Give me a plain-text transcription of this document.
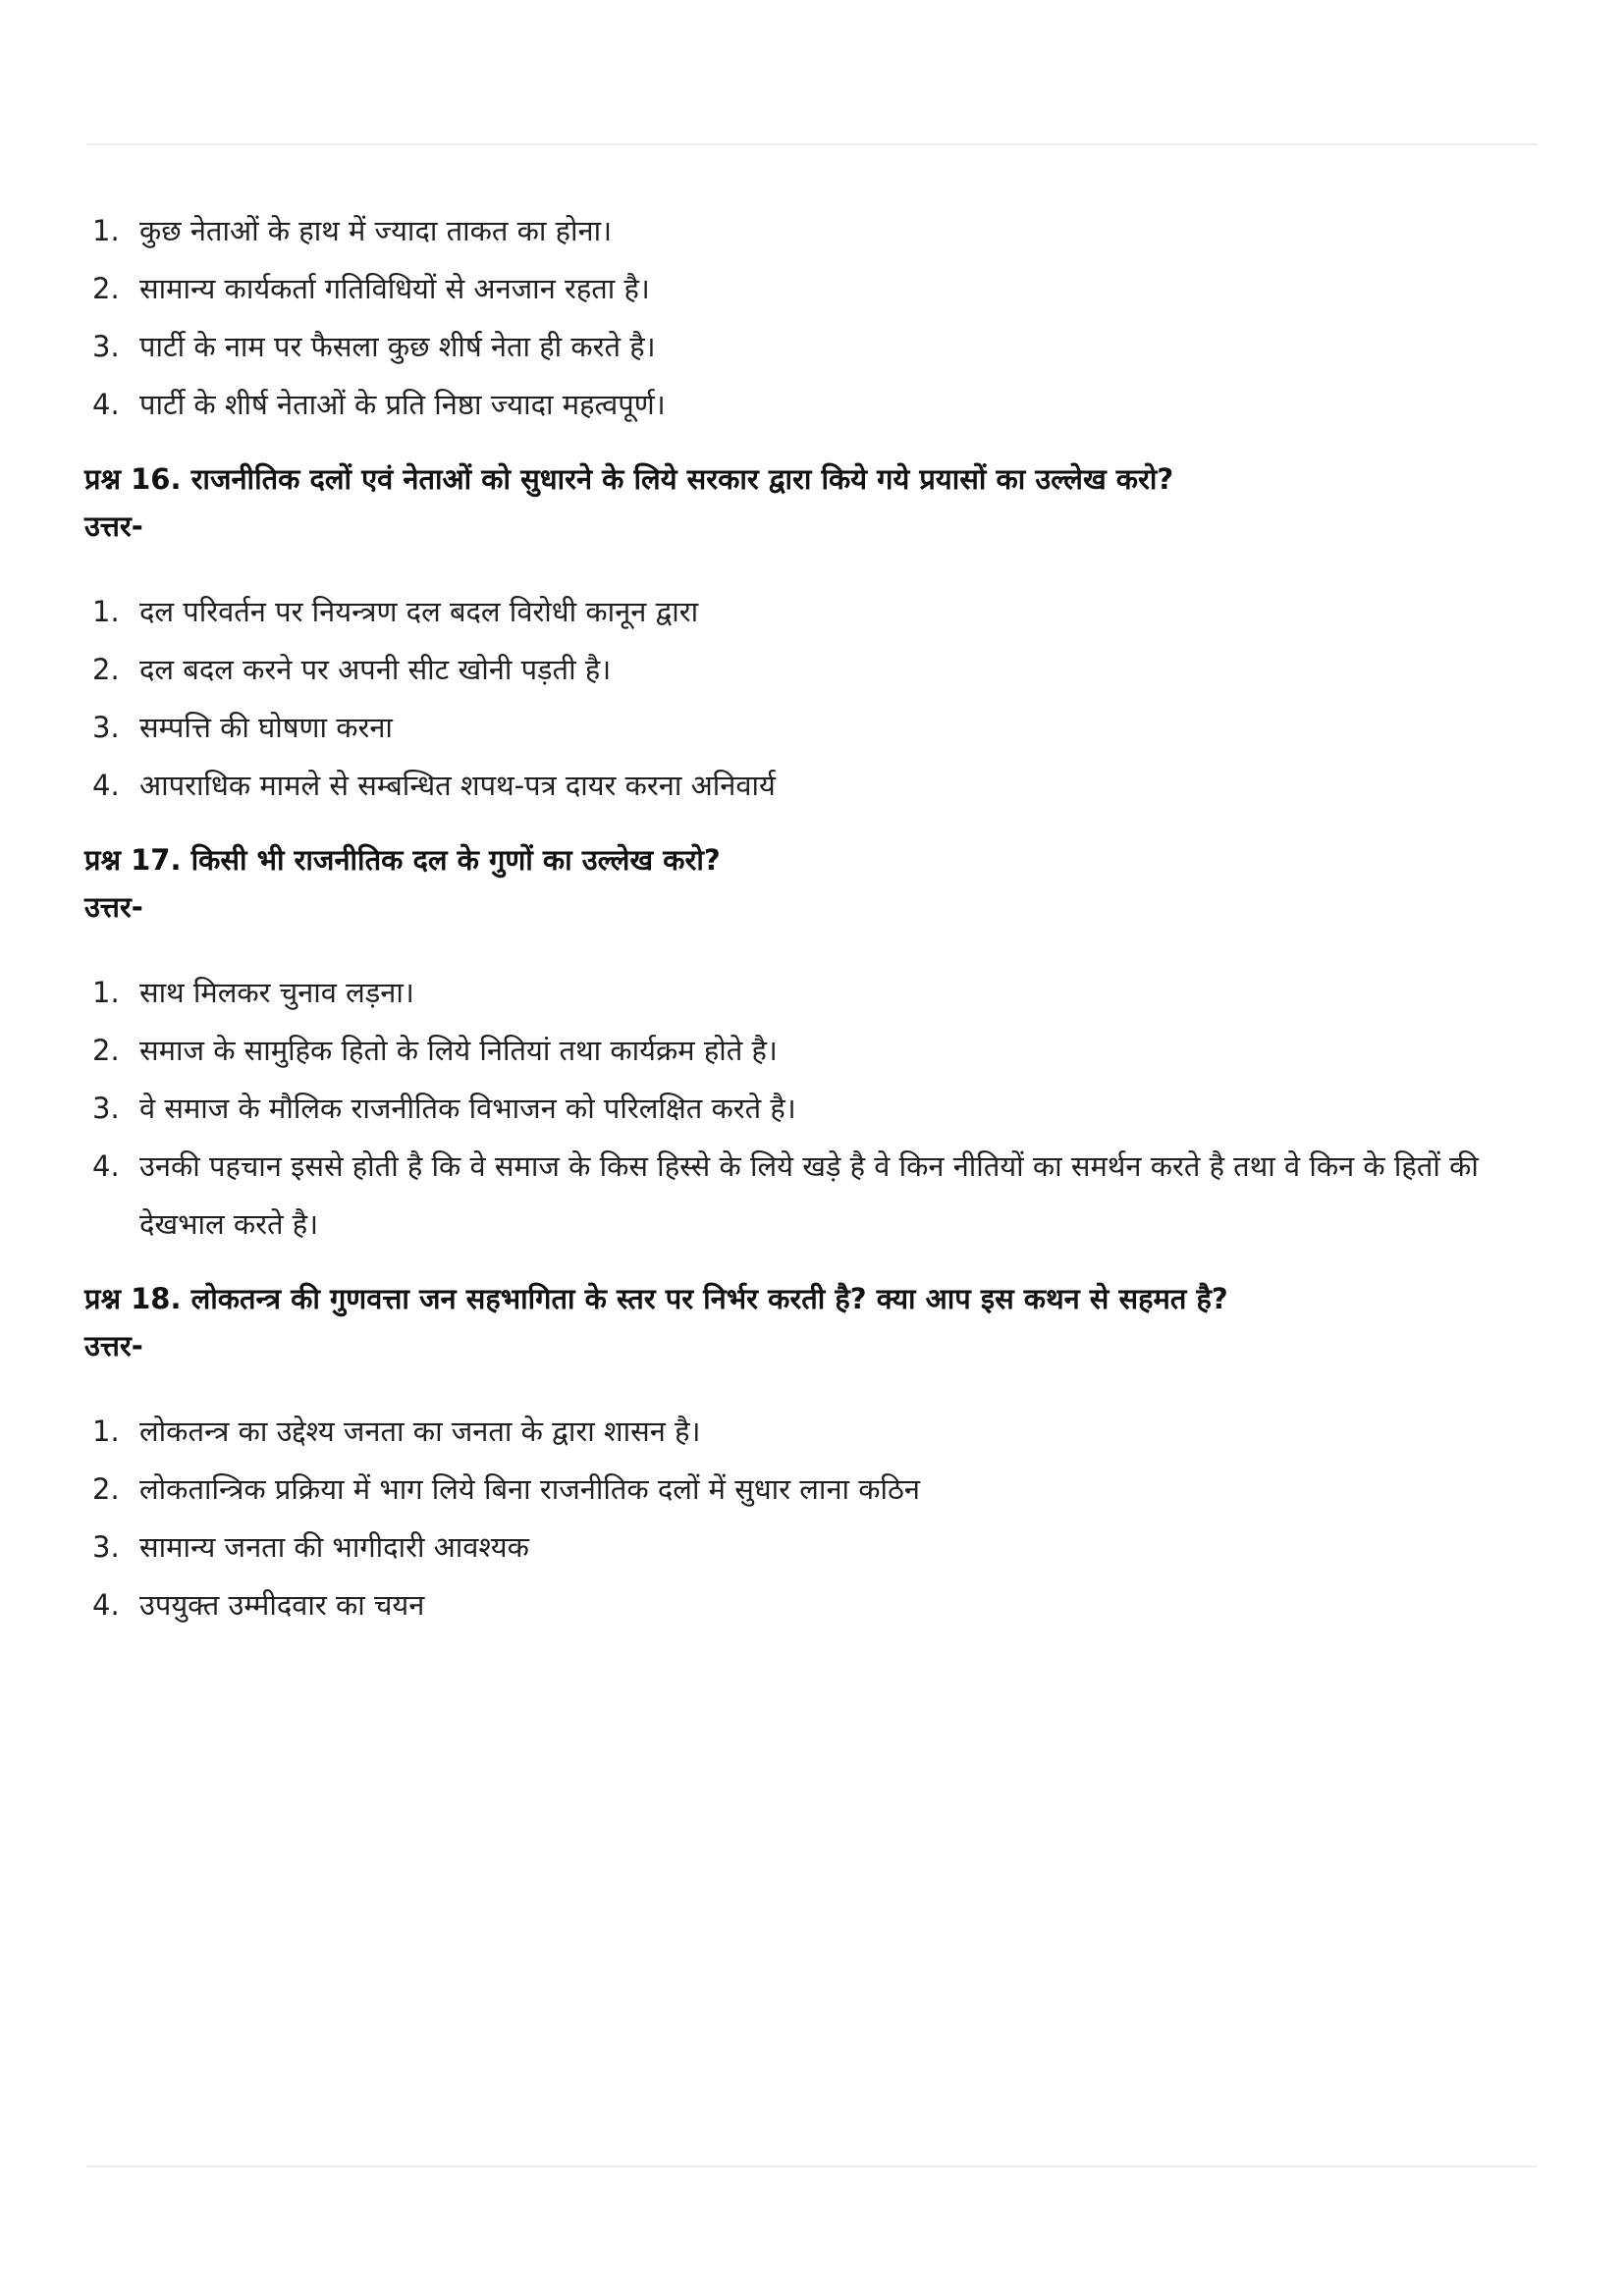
1. कुछ नेताओं के हाथ में ज्यादा ताकत का होना।
2. सामान्य कार्यकर्ता गतिविधियों से अनजान रहता है।
3. पार्टी के नाम पर फैसला कुछ शीर्ष नेता ही करते है।
4. पार्टी के शीर्ष नेताओं के प्रति निष्ठा ज्यादा महत्वपूर्ण।

प्रश्न 16. राजनीतिक दलों एवं नेताओं को सुधारने के लिये सरकार द्वारा किये गये प्रयासों का उल्लेख करो?

उत्तर-

1. दल परिवर्तन पर नियन्त्रण दल बदल विरोधी कानून द्वारा
2. दल बदल करने पर अपनी सीट खोनी पड़ती है।
3. सम्पत्ति की घोषणा करना
4. आपराधिक मामले से सम्बन्धित शपथ-पत्र दायर करना अनिवार्य

प्रश्न 17. किसी भी राजनीतिक दल के गुणों का उल्लेख करो?

उत्तर-

1. साथ मिलकर चुनाव लड़ना।
2. समाज के सामुहिक हितो के लिये नितियां तथा कार्यक्रम होते है।
3. वे समाज के मौलिक राजनीतिक विभाजन को परिलक्षित करते है।
4. उनकी पहचान इससे होती है कि वे समाज के किस हिस्से के लिये खड़े है वे किन नीतियों का समर्थन करते है तथा वे किन के हितों की देखभाल करते है।

प्रश्न 18. लोकतन्त्र की गुणवत्ता जन सहभागिता के स्तर पर निर्भर करती है? क्या आप इस कथन से सहमत है?

उत्तर-

1. लोकतन्त्र का उद्देश्य जनता का जनता के द्वारा शासन है।
2. लोकतान्त्रिक प्रक्रिया में भाग लिये बिना राजनीतिक दलों में सुधार लाना कठिन
3. सामान्य जनता की भागीदारी आवश्यक
4. उपयुक्त उम्मीदवार का चयन
